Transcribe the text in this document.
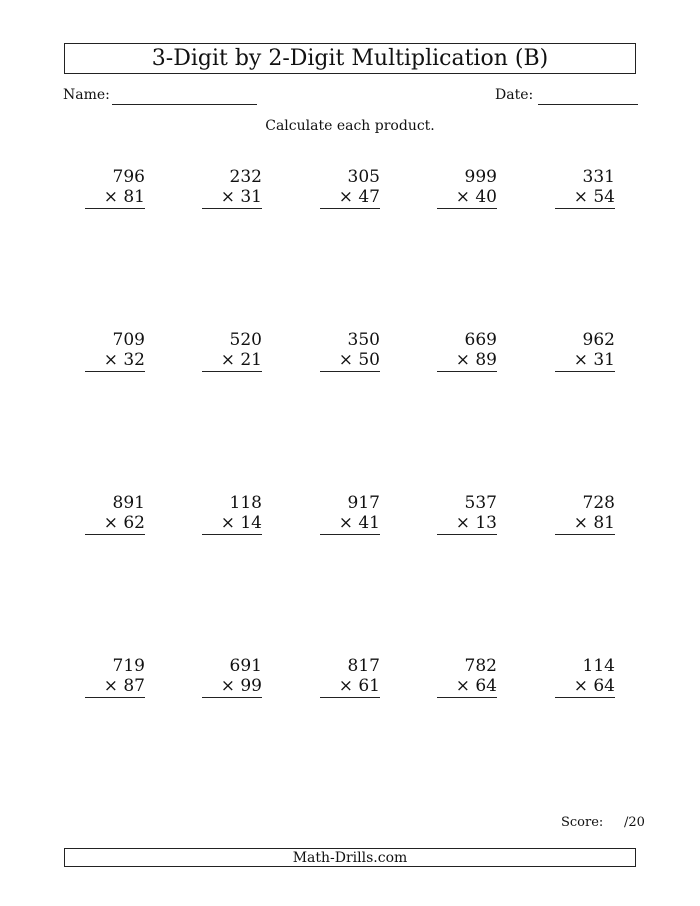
3-Digit by 2-Digit Multiplication (B)
Name:	Date:
Calculate each product.
796
× 81
232
× 31
305
× 47
999
× 40
331
× 54
709
× 32
520
× 21
350
× 50
669
× 89
962
× 31
891
× 62
118
× 14
917
× 41
537
× 13
728
× 81
719
× 87
691
× 99
817
× 61
782
× 64
114
× 64
Score: /20
Math-Drills.com
